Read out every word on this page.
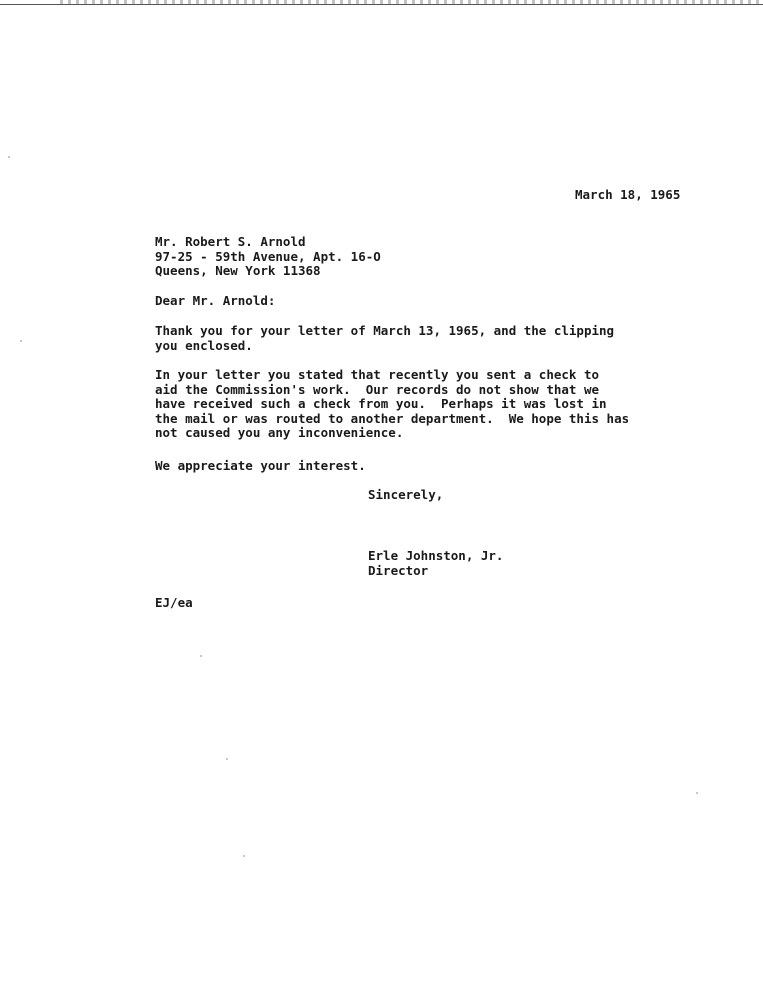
March 18, 1965
Mr. Robert S. Arnold
97-25 - 59th Avenue, Apt. 16-O
Queens, New York 11368
Dear Mr. Arnold:
Thank you for your letter of March 13, 1965, and the clipping
you enclosed.
In your letter you stated that recently you sent a check to
aid the Commission's work.  Our records do not show that we
have received such a check from you.  Perhaps it was lost in
the mail or was routed to another department.  We hope this has
not caused you any inconvenience.
We appreciate your interest.
Sincerely,
Erle Johnston, Jr.
Director
EJ/ea
